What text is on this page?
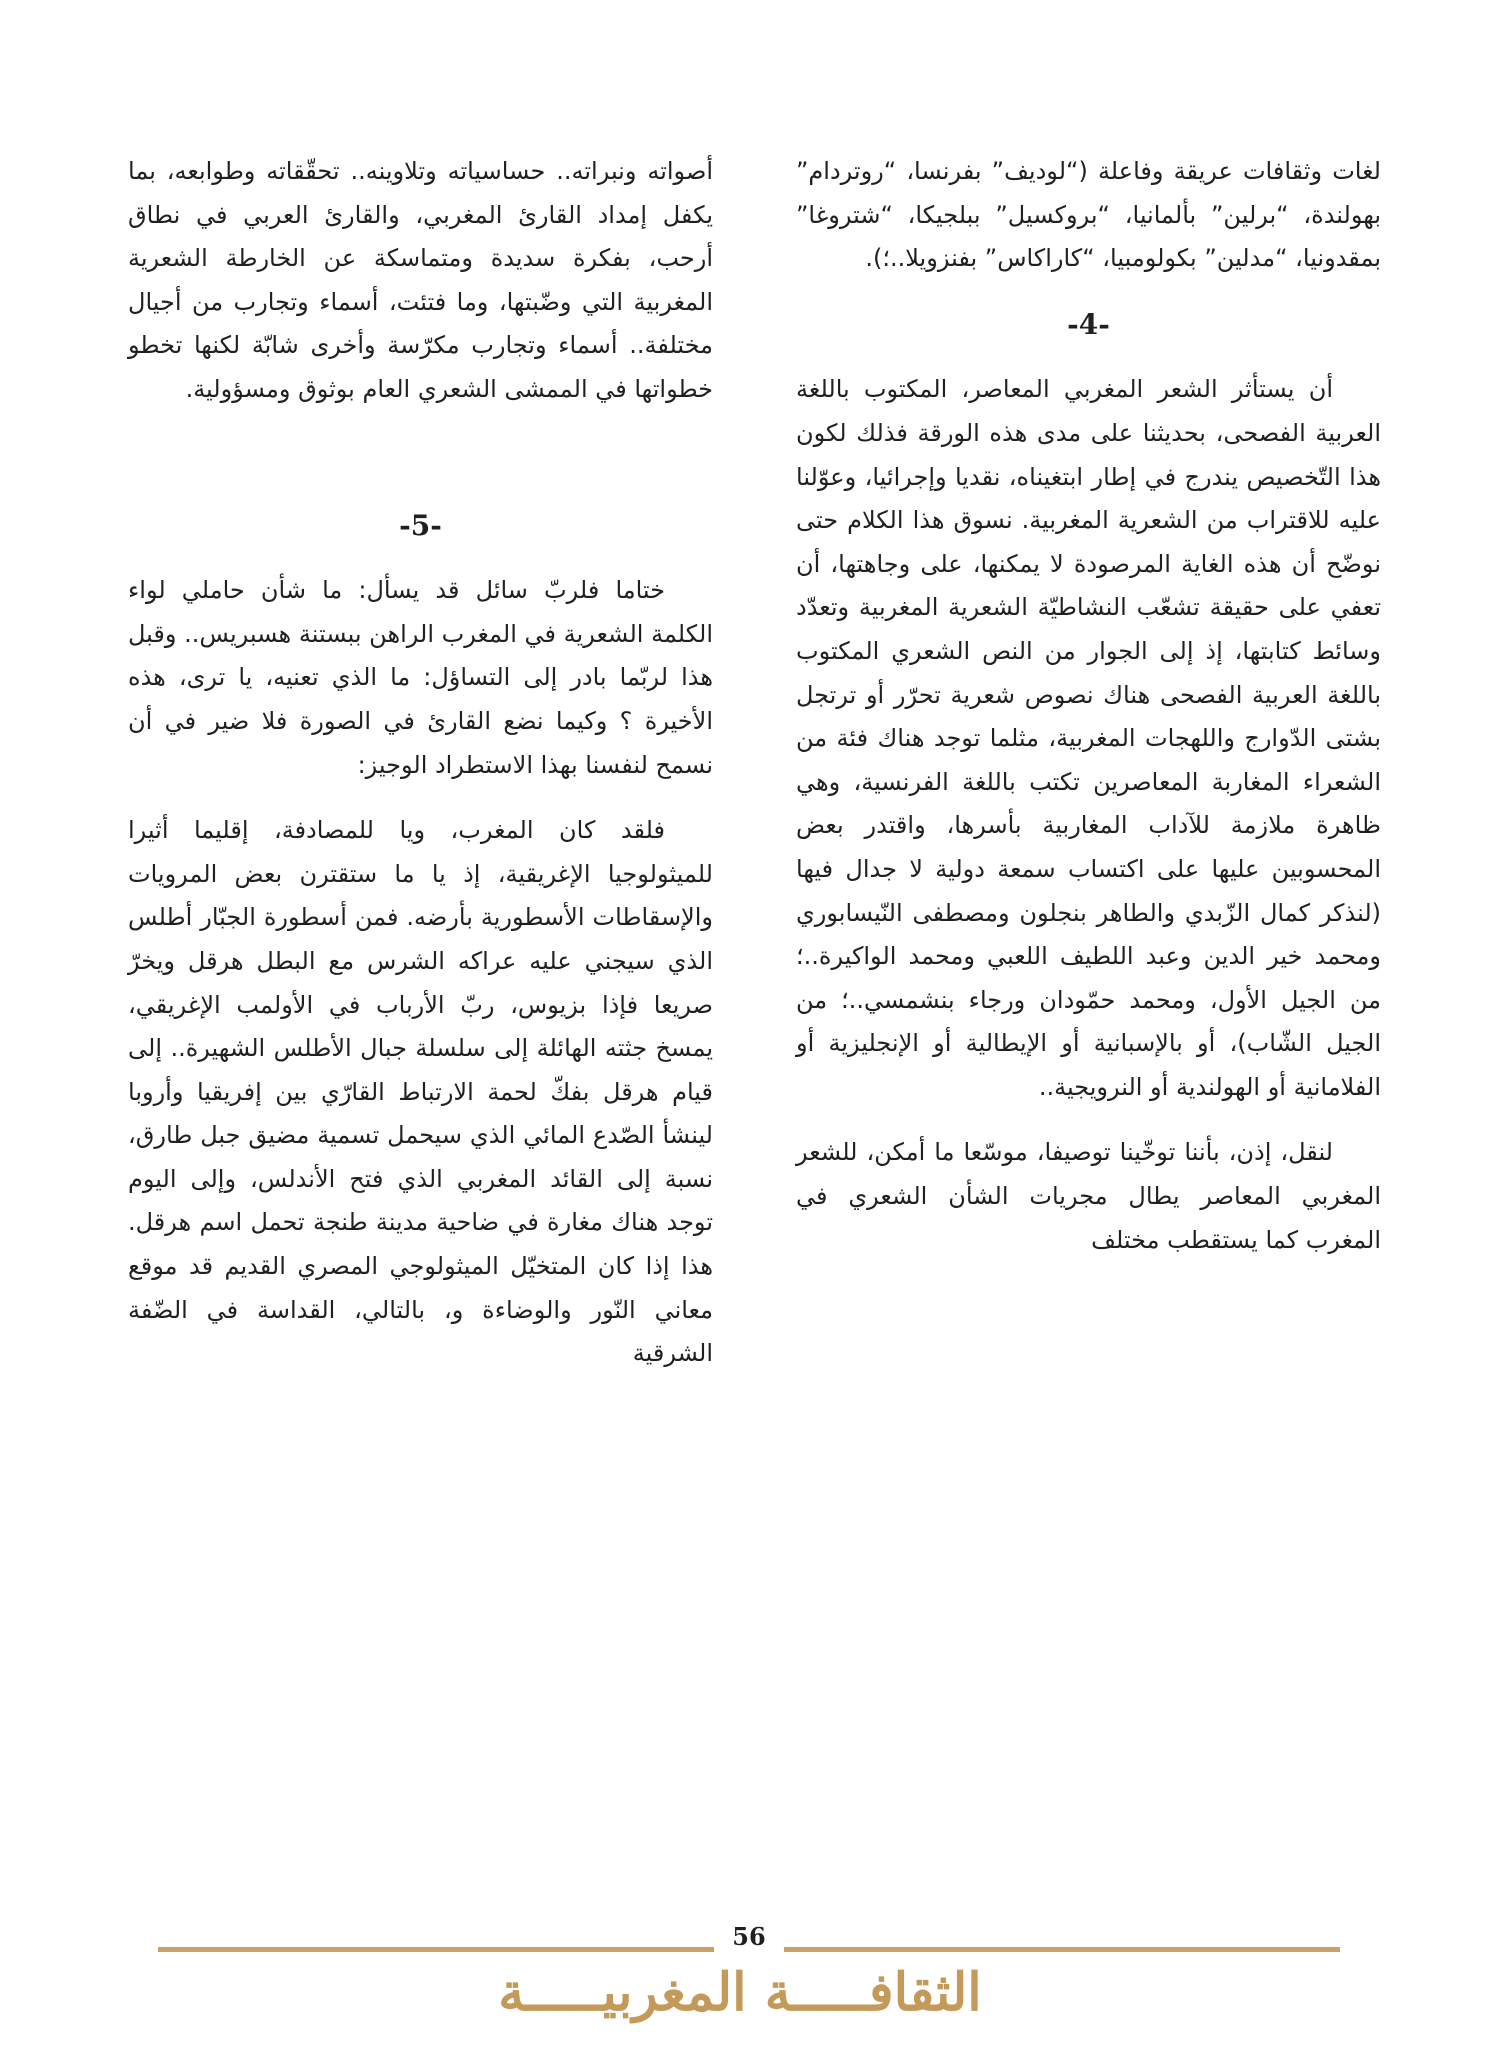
لغات وثقافات عريقة وفاعلة (“لوديف” بفرنسا، “روتردام” بهولندة، “برلين” بألمانيا، “بروكسيل” ببلجيكا، “شتروغا” بمقدونيا، “مدلين” بكولومبيا، “كاراكاس” بفنزويلا..؛).

-4-

أن يستأثر الشعر المغربي المعاصر، المكتوب باللغة العربية الفصحى، بحديثنا على مدى هذه الورقة فذلك لكون هذا التّخصيص يندرج في إطار ابتغيناه، نقديا وإجرائيا، وعوّلنا عليه للاقتراب من الشعرية المغربية. نسوق هذا الكلام حتى نوضّح أن هذه الغاية المرصودة لا يمكنها، على وجاهتها، أن تعفي على حقيقة تشعّب النشاطيّة الشعرية المغربية وتعدّد وسائط كتابتها، إذ إلى الجوار من النص الشعري المكتوب باللغة العربية الفصحى هناك نصوص شعرية تحرّر أو ترتجل بشتى الدّوارج واللهجات المغربية، مثلما توجد هناك فئة من الشعراء المغاربة المعاصرين تكتب باللغة الفرنسية، وهي ظاهرة ملازمة للآداب المغاربية بأسرها، واقتدر بعض المحسوبين عليها على اكتساب سمعة دولية لا جدال فيها (لنذكر كمال الزّبدي والطاهر بنجلون ومصطفى النّيسابوري ومحمد خير الدين وعبد اللطيف اللعبي ومحمد الواكيرة..؛ من الجيل الأول، ومحمد حمّودان ورجاء بنشمسي..؛ من الجيل الشّاب)، أو بالإسبانية أو الإيطالية أو الإنجليزية أو الفلامانية أو الهولندية أو النرويجية..

لنقل، إذن، بأننا توخّينا توصيفا، موسّعا ما أمكن، للشعر المغربي المعاصر يطال مجريات الشأن الشعري في المغرب كما يستقطب مختلف

أصواته ونبراته.. حساسياته وتلاوينه.. تحقّقاته وطوابعه، بما يكفل إمداد القارئ المغربي، والقارئ العربي في نطاق أرحب، بفكرة سديدة ومتماسكة عن الخارطة الشعرية المغربية التي وضّبتها، وما فتئت، أسماء وتجارب من أجيال مختلفة.. أسماء وتجارب مكرّسة وأخرى شابّة لكنها تخطو خطواتها في الممشى الشعري العام بوثوق ومسؤولية.

-5-

ختاما فلربّ سائل قد يسأل: ما شأن حاملي لواء الكلمة الشعرية في المغرب الراهن ببستنة هسبريس.. وقبل هذا لربّما بادر إلى التساؤل: ما الذي تعنيه، يا ترى، هذه الأخيرة ؟ وكيما نضع القارئ في الصورة فلا ضير في أن نسمح لنفسنا بهذا الاستطراد الوجيز:

فلقد كان المغرب، ويا للمصادفة، إقليما أثيرا للميثولوجيا الإغريقية، إذ يا ما ستقترن بعض المرويات والإسقاطات الأسطورية بأرضه. فمن أسطورة الجبّار أطلس الذي سيجني عليه عراكه الشرس مع البطل هرقل ويخرّ صريعا فإذا بزيوس، ربّ الأرباب في الأولمب الإغريقي، يمسخ جثته الهائلة إلى سلسلة جبال الأطلس الشهيرة.. إلى قيام هرقل بفكّ لحمة الارتباط القارّي بين إفريقيا وأروبا لينشأ الصّدع المائي الذي سيحمل تسمية مضيق جبل طارق، نسبة إلى القائد المغربي الذي فتح الأندلس، وإلى اليوم توجد هناك مغارة في ضاحية مدينة طنجة تحمل اسم هرقل. هذا إذا كان المتخيّل الميثولوجي المصري القديم قد موقع معاني النّور والوضاءة و، بالتالي، القداسة في الضّفة الشرقية

56
الثقافـــــة المغربيـــــة
